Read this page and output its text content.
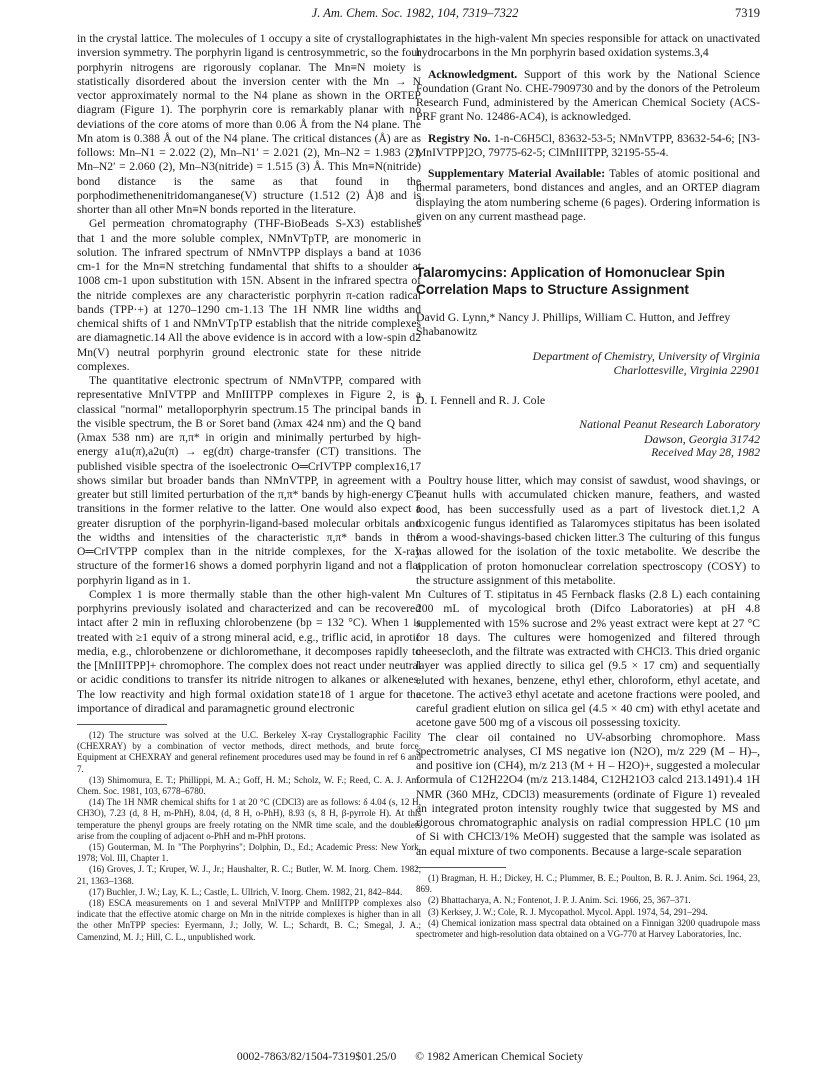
J. Am. Chem. Soc. 1982, 104, 7319–7322	7319

in the crystal lattice. The molecules of 1 occupy a site of crystallographic inversion symmetry. The porphyrin ligand is centrosymmetric, so the four porphyrin nitrogens are rigorously coplanar. The Mn≡N moiety is statistically disordered about the inversion center with the Mn → N vector approximately normal to the N4 plane as shown in the ORTEP diagram (Figure 1). The porphyrin core is remarkably planar with no deviations of the core atoms of more than 0.06 Å from the N4 plane. The Mn atom is 0.388 Å out of the N4 plane. The critical distances (Å) are as follows: Mn–N1 = 2.022 (2), Mn–N1′ = 2.021 (2), Mn–N2 = 1.983 (2), Mn–N2′ = 2.060 (2), Mn–N3(nitride) = 1.515 (3) Å. This Mn≡N(nitride) bond distance is the same as that found in the porphodimethenenitridomanganese(V) structure (1.512 (2) Å)8 and is shorter than all other Mn≡N bonds reported in the literature.

Gel permeation chromatography (THF-BioBeads S-X3) establishes that 1 and the more soluble complex, NMnVTpTP, are monomeric in solution. The infrared spectrum of NMnVTPP displays a band at 1036 cm-1 for the Mn≡N stretching fundamental that shifts to a shoulder at 1008 cm-1 upon substitution with 15N. Absent in the infrared spectra of the nitride complexes are any characteristic porphyrin π-cation radical bands (TPP·+) at 1270–1290 cm-1.13 The 1H NMR line widths and chemical shifts of 1 and NMnVTpTP establish that the nitride complexes are diamagnetic.14 All the above evidence is in accord with a low-spin d2 Mn(V) neutral porphyrin ground electronic state for these nitride complexes.

The quantitative electronic spectrum of NMnVTPP, compared with representative MnIVTPP and MnIIITPP complexes in Figure 2, is a classical "normal" metalloporphyrin spectrum.15 The principal bands in the visible spectrum, the B or Soret band (λmax 424 nm) and the Q band (λmax 538 nm) are π,π* in origin and minimally perturbed by high-energy a1u(π),a2u(π) → eg(dπ) charge-transfer (CT) transitions. The published visible spectra of the isoelectronic O═CrIVTPP complex16,17 shows similar but broader bands than NMnVTPP, in agreement with a greater but still limited perturbation of the π,π* bands by high-energy CT transitions in the former relative to the latter. One would also expect a greater disruption of the porphyrin-ligand-based molecular orbitals and the widths and intensities of the characteristic π,π* bands in the O═CrIVTPP complex than in the nitride complexes, for the X-ray structure of the former16 shows a domed porphyrin ligand and not a flat porphyrin ligand as in 1.

Complex 1 is more thermally stable than the other high-valent Mn porphyrins previously isolated and characterized and can be recovered intact after 2 min in refluxing chlorobenzene (bp = 132 °C). When 1 is treated with ≥1 equiv of a strong mineral acid, e.g., triflic acid, in aprotic media, e.g., chlorobenzene or dichloromethane, it decomposes rapidly to the [MnIIITPP]+ chromophore. The complex does not react under neutral or acidic conditions to transfer its nitride nitrogen to alkanes or alkenes. The low reactivity and high formal oxidation state18 of 1 argue for the importance of diradical and paramagnetic ground electronic

(12) The structure was solved at the U.C. Berkeley X-ray Crystallographic Facility (CHEXRAY) by a combination of vector methods, direct methods, and brute force. Equipment at CHEXRAY and general refinement procedures used may be found in ref 6 and 7.

(13) Shimomura, E. T.; Phillippi, M. A.; Goff, H. M.; Scholz, W. F.; Reed, C. A. J. Am. Chem. Soc. 1981, 103, 6778–6780.

(14) The 1H NMR chemical shifts for 1 at 20 °C (CDCl3) are as follows: δ 4.04 (s, 12 H, CH3O), 7.23 (d, 8 H, m-PhH), 8.04, (d, 8 H, o-PhH), 8.93 (s, 8 H, β-pyrrole H). At this temperature the phenyl groups are freely rotating on the NMR time scale, and the doublets arise from the coupling of adjacent o-PhH and m-PhH protons.

(15) Gouterman, M. In "The Porphyrins"; Dolphin, D., Ed.; Academic Press: New York, 1978; Vol. III, Chapter 1.

(16) Groves, J. T.; Kruper, W. J., Jr.; Haushalter, R. C.; Butler, W. M. Inorg. Chem. 1982, 21, 1363–1368.

(17) Buchler, J. W.; Lay, K. L.; Castle, L. Ullrich, V. Inorg. Chem. 1982, 21, 842–844.

(18) ESCA measurements on 1 and several MnIVTPP and MnIIITPP complexes also indicate that the effective atomic charge on Mn in the nitride complexes is higher than in all the other MnTPP species: Eyermann, J.; Jolly, W. L.; Schardt, B. C.; Smegal, J. A.; Camenzind, M. J.; Hill, C. L., unpublished work.

states in the high-valent Mn species responsible for attack on unactivated hydrocarbons in the Mn porphyrin based oxidation systems.3,4

Acknowledgment. Support of this work by the National Science Foundation (Grant No. CHE-7909730 and by the donors of the Petroleum Research Fund, administered by the American Chemical Society (ACS-PRF grant No. 12486-AC4), is acknowledged.

Registry No. 1-n-C6H5Cl, 83632-53-5; NMnVTPP, 83632-54-6; [N3-MnIVTPP]2O, 79775-62-5; ClMnIIITPP, 32195-55-4.

Supplementary Material Available: Tables of atomic positional and thermal parameters, bond distances and angles, and an ORTEP diagram displaying the atom numbering scheme (6 pages). Ordering information is given on any current masthead page.

Talaromycins: Application of Homonuclear Spin Correlation Maps to Structure Assignment
David G. Lynn,* Nancy J. Phillips, William C. Hutton, and Jeffrey Shabanowitz
Department of Chemistry, University of Virginia
Charlottesville, Virginia 22901
D. I. Fennell and R. J. Cole
National Peanut Research Laboratory
Dawson, Georgia 31742
Received May 28, 1982

Poultry house litter, which may consist of sawdust, wood shavings, or peanut hulls with accumulated chicken manure, feathers, and wasted food, has been successfully used as a part of livestock diet.1,2 A toxicogenic fungus identified as Talaromyces stipitatus has been isolated from a wood-shavings-based chicken litter.3 The culturing of this fungus has allowed for the isolation of the toxic metabolite. We describe the application of proton homonuclear correlation spectroscopy (COSY) to the structure assignment of this metabolite.

Cultures of T. stipitatus in 45 Fernback flasks (2.8 L) each containing 200 mL of mycological broth (Difco Laboratories) at pH 4.8 supplemented with 15% sucrose and 2% yeast extract were kept at 27 °C for 18 days. The cultures were homogenized and filtered through cheesecloth, and the filtrate was extracted with CHCl3. This dried organic layer was applied directly to silica gel (9.5 × 17 cm) and sequentially eluted with hexanes, benzene, ethyl ether, chloroform, ethyl acetate, and acetone. The active3 ethyl acetate and acetone fractions were pooled, and careful gradient elution on silica gel (4.5 × 40 cm) with ethyl acetate and acetone gave 500 mg of a viscous oil possessing toxicity.

The clear oil contained no UV-absorbing chromophore. Mass spectrometric analyses, CI MS negative ion (N2O), m/z 229 (M – H)–, and positive ion (CH4), m/z 213 (M + H – H2O)+, suggested a molecular formula of C12H22O4 (m/z 213.1484, C12H21O3 calcd 213.1491).4 1H NMR (360 MHz, CDCl3) measurements (ordinate of Figure 1) revealed an integrated proton intensity roughly twice that suggested by MS and rigorous chromatographic analysis on radial compression HPLC (10 μm of Si with CHCl3/1% MeOH) suggested that the sample was isolated as an equal mixture of two components. Because a large-scale separation

(1) Bragman, H. H.; Dickey, H. C.; Plummer, B. E.; Poulton, B. R. J. Anim. Sci. 1964, 23, 869.

(2) Bhattacharya, A. N.; Fontenot, J. P. J. Anim. Sci. 1966, 25, 367–371.

(3) Kerksey, J. W.; Cole, R. J. Mycopathol. Mycol. Appl. 1974, 54, 291–294.

(4) Chemical ionization mass spectral data obtained on a Finnigan 3200 quadrupole mass spectrometer and high-resolution data obtained on a VG-770 at Harvey Laboratories, Inc.

0002-7863/82/1504-7319$01.25/0 © 1982 American Chemical Society
